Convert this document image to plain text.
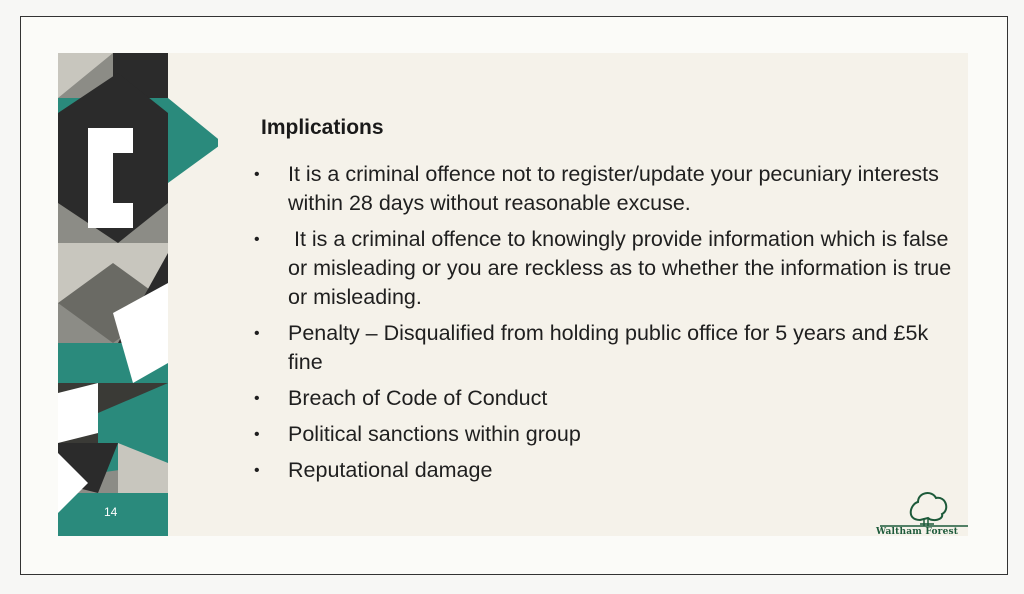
14
Implications
• It is a criminal offence not to register/update your pecuniary interests within 28 days without reasonable excuse.
• It is a criminal offence to knowingly provide information which is false or misleading or you are reckless as to whether the information is true or misleading.
• Penalty – Disqualified from holding public office for 5 years and £5k fine
• Breach of Code of Conduct
• Political sanctions within group
• Reputational damage
Waltham Forest
